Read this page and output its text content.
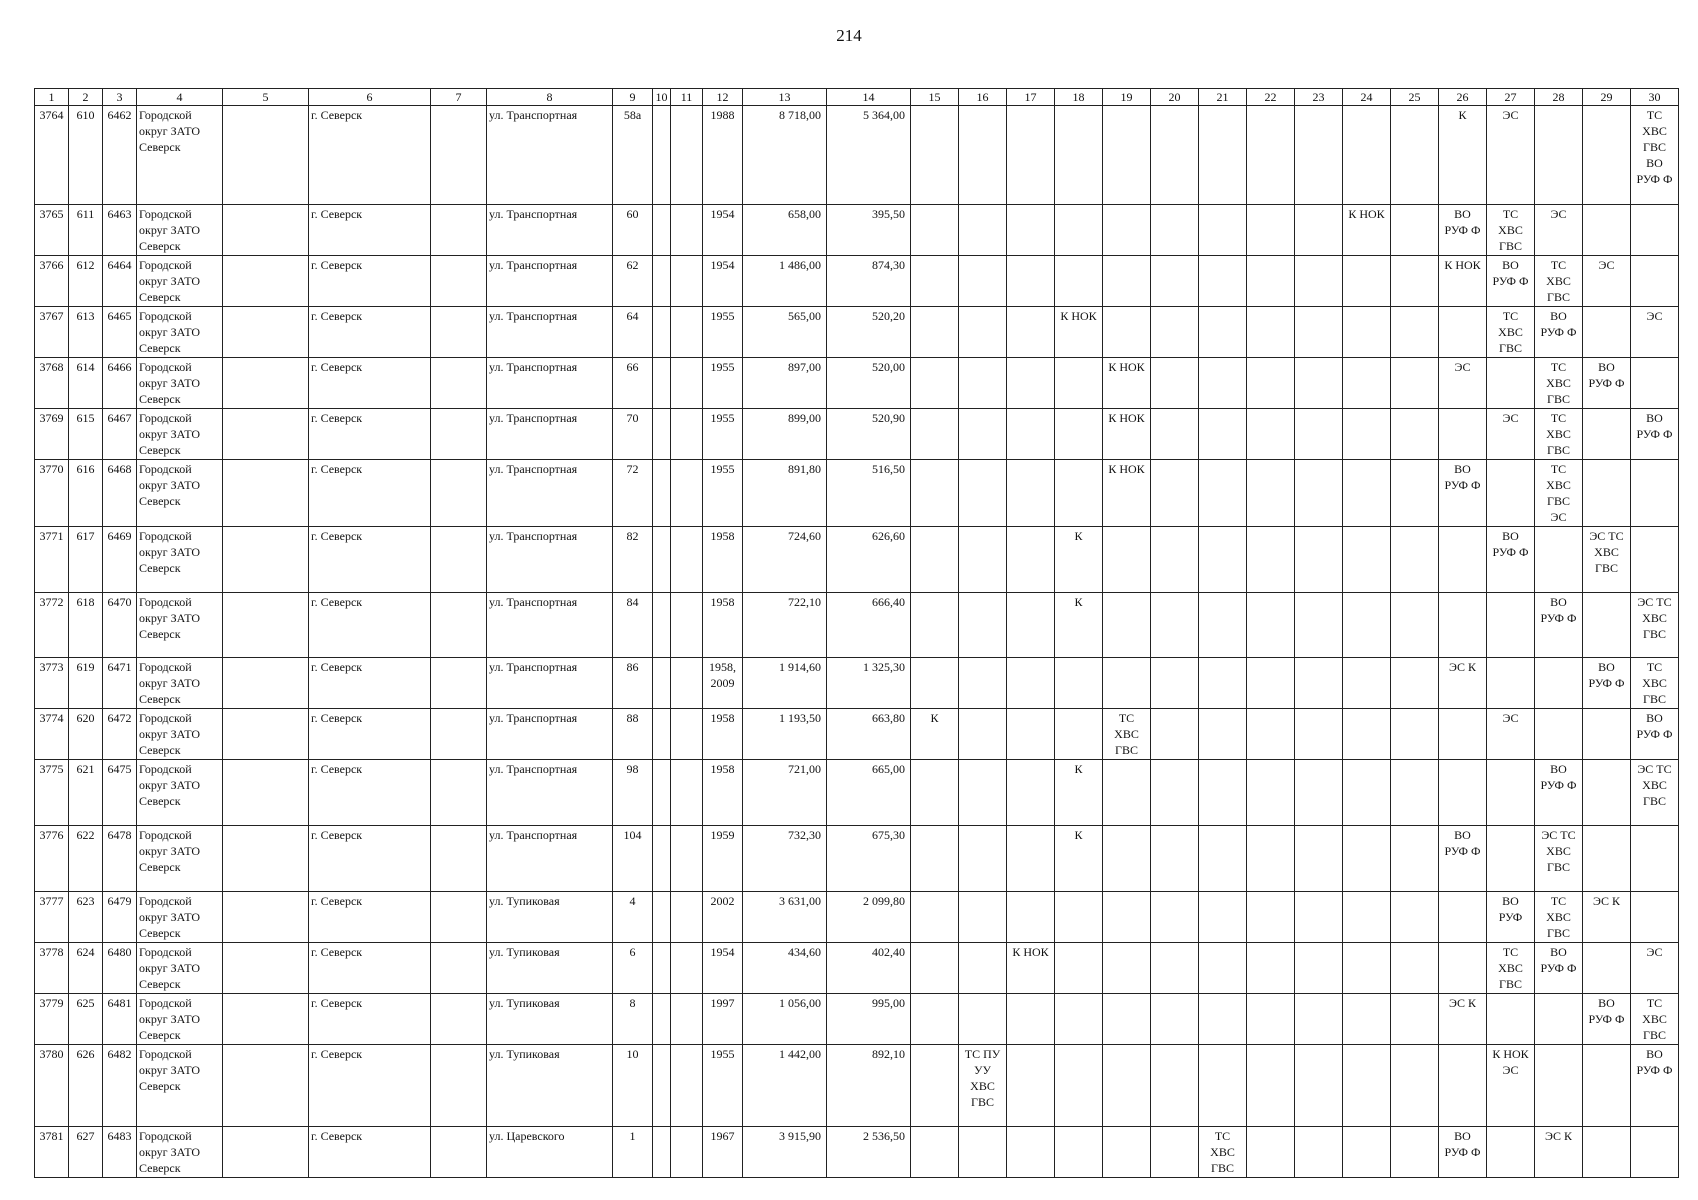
214
1	2	3	4	5	6	7	8	9	10	11	12	13	14	15	16	17	18	19	20	21	22	23	24	25	26	27	28	29	30
3764	610	6462	Городской
округ ЗАТО
Северск		г. Северск		ул. Транспортная	58а			1988	8 718,00	5 364,00												К	ЭС			ТС
ХВС
ГВС
ВО
РУФ Ф
3765	611	6463	Городской
округ ЗАТО
Северск		г. Северск		ул. Транспортная	60			1954	658,00	395,50										К НОК		ВО
РУФ Ф	ТС
ХВС
ГВС	ЭС		
3766	612	6464	Городской
округ ЗАТО
Северск		г. Северск		ул. Транспортная	62			1954	1 486,00	874,30												К НОК	ВО
РУФ Ф	ТС
ХВС
ГВС	ЭС	
3767	613	6465	Городской
округ ЗАТО
Северск		г. Северск		ул. Транспортная	64			1955	565,00	520,20				К НОК									ТС
ХВС
ГВС	ВО
РУФ Ф		ЭС
3768	614	6466	Городской
округ ЗАТО
Северск		г. Северск		ул. Транспортная	66			1955	897,00	520,00					К НОК							ЭС		ТС
ХВС
ГВС	ВО
РУФ Ф	
3769	615	6467	Городской
округ ЗАТО
Северск		г. Северск		ул. Транспортная	70			1955	899,00	520,90					К НОК								ЭС	ТС
ХВС
ГВС		ВО
РУФ Ф
3770	616	6468	Городской
округ ЗАТО
Северск		г. Северск		ул. Транспортная	72			1955	891,80	516,50					К НОК							ВО
РУФ Ф		ТС
ХВС
ГВС
ЭС		
3771	617	6469	Городской
округ ЗАТО
Северск		г. Северск		ул. Транспортная	82			1958	724,60	626,60				К									ВО
РУФ Ф		ЭС ТС
ХВС
ГВС	
3772	618	6470	Городской
округ ЗАТО
Северск		г. Северск		ул. Транспортная	84			1958	722,10	666,40				К										ВО
РУФ Ф		ЭС ТС
ХВС
ГВС
3773	619	6471	Городской
округ ЗАТО
Северск		г. Северск		ул. Транспортная	86			1958,
2009	1 914,60	1 325,30												ЭС К			ВО
РУФ Ф	ТС
ХВС
ГВС
3774	620	6472	Городской
округ ЗАТО
Северск		г. Северск		ул. Транспортная	88			1958	1 193,50	663,80	К				ТС
ХВС
ГВС								ЭС			ВО
РУФ Ф
3775	621	6475	Городской
округ ЗАТО
Северск		г. Северск		ул. Транспортная	98			1958	721,00	665,00				К										ВО
РУФ Ф		ЭС ТС
ХВС
ГВС
3776	622	6478	Городской
округ ЗАТО
Северск		г. Северск		ул. Транспортная	104			1959	732,30	675,30				К								ВО
РУФ Ф		ЭС ТС
ХВС
ГВС		
3777	623	6479	Городской
округ ЗАТО
Северск		г. Северск		ул. Тупиковая	4			2002	3 631,00	2 099,80													ВО
РУФ	ТС
ХВС
ГВС	ЭС К	
3778	624	6480	Городской
округ ЗАТО
Северск		г. Северск		ул. Тупиковая	6			1954	434,60	402,40			К НОК										ТС
ХВС
ГВС	ВО
РУФ Ф		ЭС
3779	625	6481	Городской
округ ЗАТО
Северск		г. Северск		ул. Тупиковая	8			1997	1 056,00	995,00												ЭС К			ВО
РУФ Ф	ТС
ХВС
ГВС
3780	626	6482	Городской
округ ЗАТО
Северск		г. Северск		ул. Тупиковая	10			1955	1 442,00	892,10		ТС ПУ
УУ
ХВС
ГВС											К НОК
ЭС			ВО
РУФ Ф
3781	627	6483	Городской
округ ЗАТО
Северск		г. Северск		ул. Царевского	1			1967	3 915,90	2 536,50							ТС
ХВС
ГВС					ВО
РУФ Ф		ЭС К		
